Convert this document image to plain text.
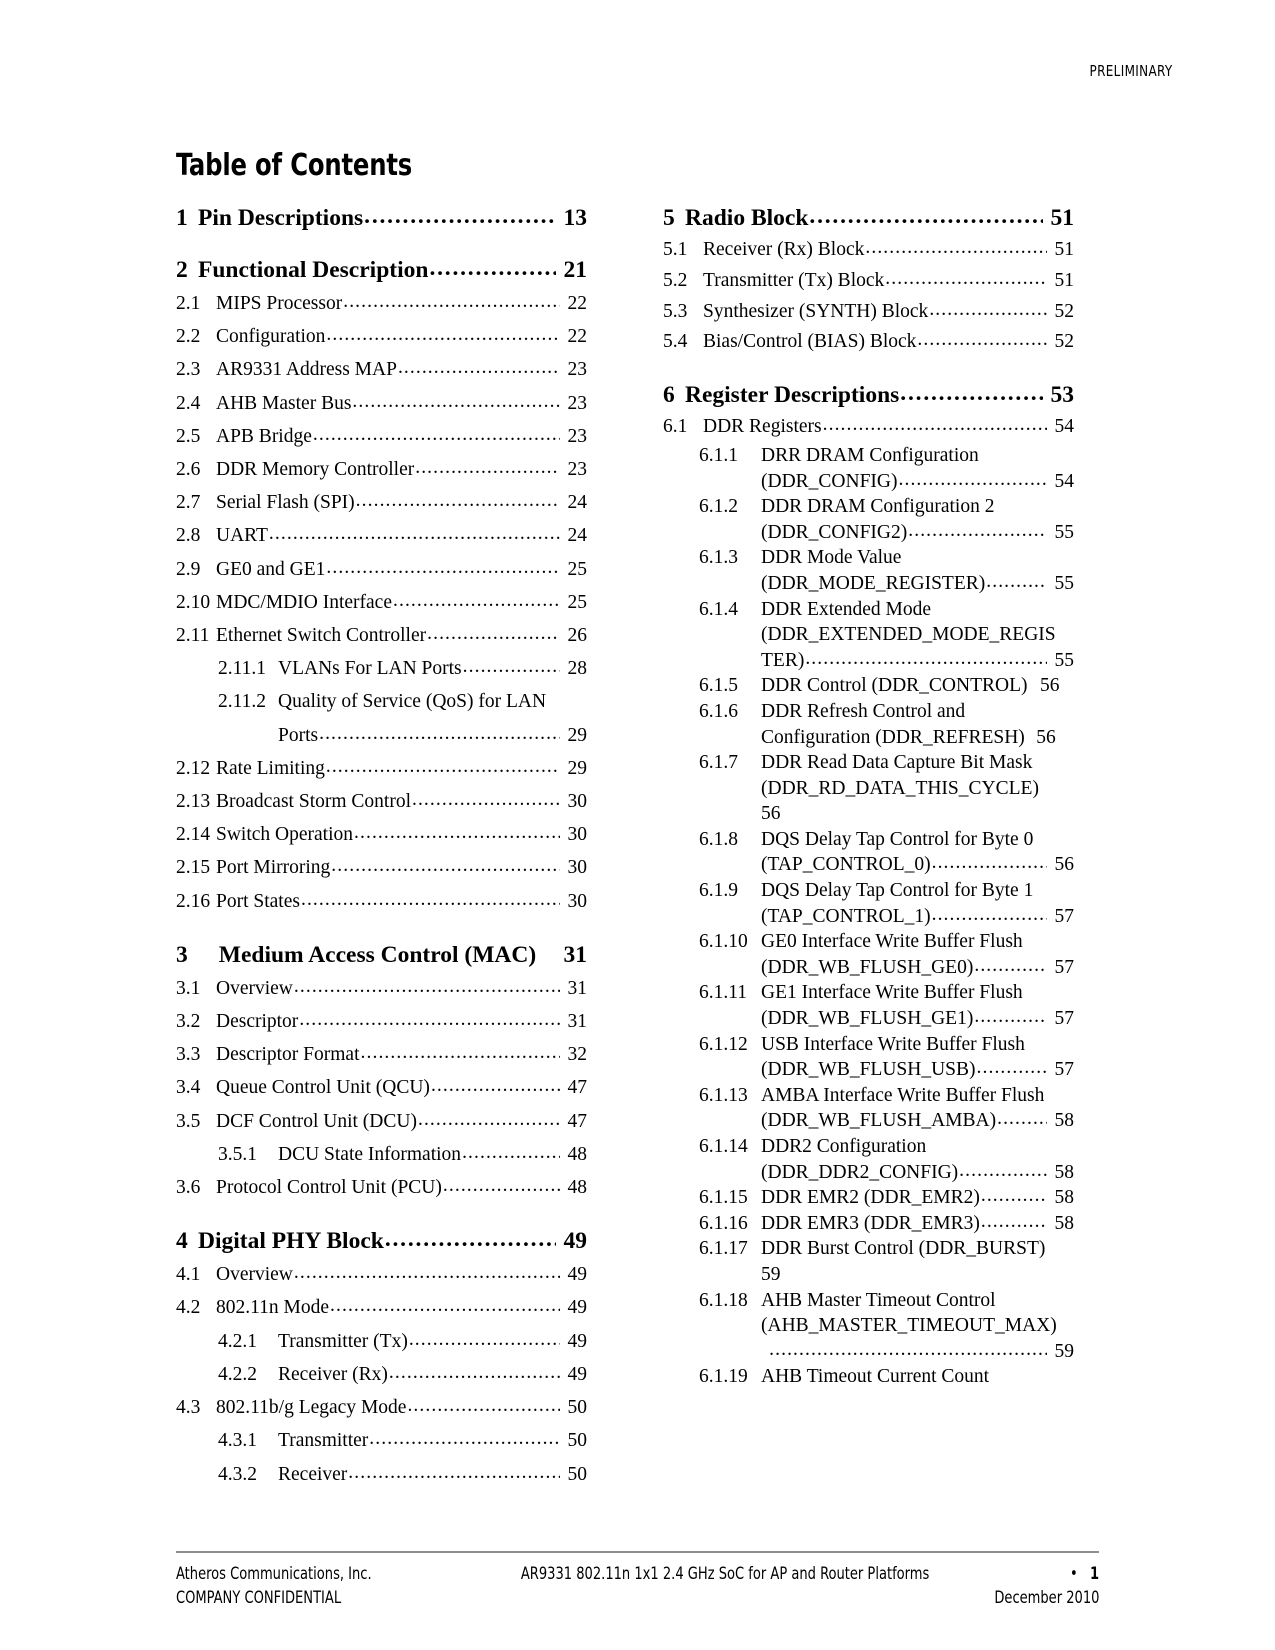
PRELIMINARY
Table of Contents
1 Pin Descriptions .....	13
2 Functional Description .....	21
2.1 MIPS Processor .....	22
2.2 Configuration .....	22
2.3 AR9331 Address MAP .....	23
2.4 AHB Master Bus .....	23
2.5 APB Bridge .....	23
2.6 DDR Memory Controller .....	23
2.7 Serial Flash (SPI) .....	24
2.8 UART .....	24
2.9 GE0 and GE1 .....	25
2.10 MDC/MDIO Interface .....	25
2.11 Ethernet Switch Controller .....	26
2.11.1 VLANs For LAN Ports .....	28
2.11.2 Quality of Service (QoS) for LAN
Ports .....	29
2.12 Rate Limiting .....	29
2.13 Broadcast Storm Control .....	30
2.14 Switch Operation .....	30
2.15 Port Mirroring .....	30
2.16 Port States .....	30
3	Medium Access Control (MAC) 31
3.1 Overview .....	31
3.2 Descriptor .....	31
3.3 Descriptor Format .....	32
3.4 Queue Control Unit (QCU) .....	47
3.5 DCF Control Unit (DCU) .....	47
3.5.1	DCU State Information .....	48
3.6 Protocol Control Unit (PCU) .....	48
4 Digital PHY Block .....	49
4.1 Overview .....	49
4.2 802.11n Mode .....	49
4.2.1	Transmitter (Tx) .....	49
4.2.2	Receiver (Rx) .....	49
4.3 802.11b/g Legacy Mode .....	50
4.3.1	Transmitter .....	50
4.3.2	Receiver .....	50
5 Radio Block .....	51
5.1 Receiver (Rx) Block .....	51
5.2 Transmitter (Tx) Block .....	51
5.3 Synthesizer (SYNTH) Block .....	52
5.4 Bias/Control (BIAS) Block .....	52
6 Register Descriptions .....	53
6.1 DDR Registers .....	54
6.1.1	DRR DRAM Configuration
(DDR_CONFIG) .....	54
6.1.2	DDR DRAM Configuration 2
(DDR_CONFIG2) .....	55
6.1.3	DDR Mode Value
(DDR_MODE_REGISTER) .....	55
6.1.4	DDR Extended Mode
(DDR_EXTENDED_MODE_REGIS
TER) .....	55
6.1.5	DDR Control (DDR_CONTROL) 56
6.1.6	DDR Refresh Control and
Configuration (DDR_REFRESH) 56
6.1.7	DDR Read Data Capture Bit Mask
(DDR_RD_DATA_THIS_CYCLE)
56
6.1.8	DQS Delay Tap Control for Byte 0
(TAP_CONTROL_0) .....	56
6.1.9	DQS Delay Tap Control for Byte 1
(TAP_CONTROL_1) .....	57
6.1.10 GE0 Interface Write Buffer Flush
(DDR_WB_FLUSH_GE0) .....	57
6.1.11 GE1 Interface Write Buffer Flush
(DDR_WB_FLUSH_GE1) .....	57
6.1.12 USB Interface Write Buffer Flush
(DDR_WB_FLUSH_USB) .....	57
6.1.13 AMBA Interface Write Buffer Flush
(DDR_WB_FLUSH_AMBA) .....	58
6.1.14 DDR2 Configuration
(DDR_DDR2_CONFIG) .....	58
6.1.15 DDR EMR2 (DDR_EMR2) .....	58
6.1.16 DDR EMR3 (DDR_EMR3) .....	58
6.1.17 DDR Burst Control (DDR_BURST)
59
6.1.18 AHB Master Timeout Control
(AHB_MASTER_TIMEOUT_MAX)
.....
59
6.1.19 AHB Timeout Current Count
Atheros Communications, Inc.	AR9331 802.11n 1x1 2.4 GHz SoC for AP and Router Platforms	• 1
COMPANY CONFIDENTIAL	December 2010
